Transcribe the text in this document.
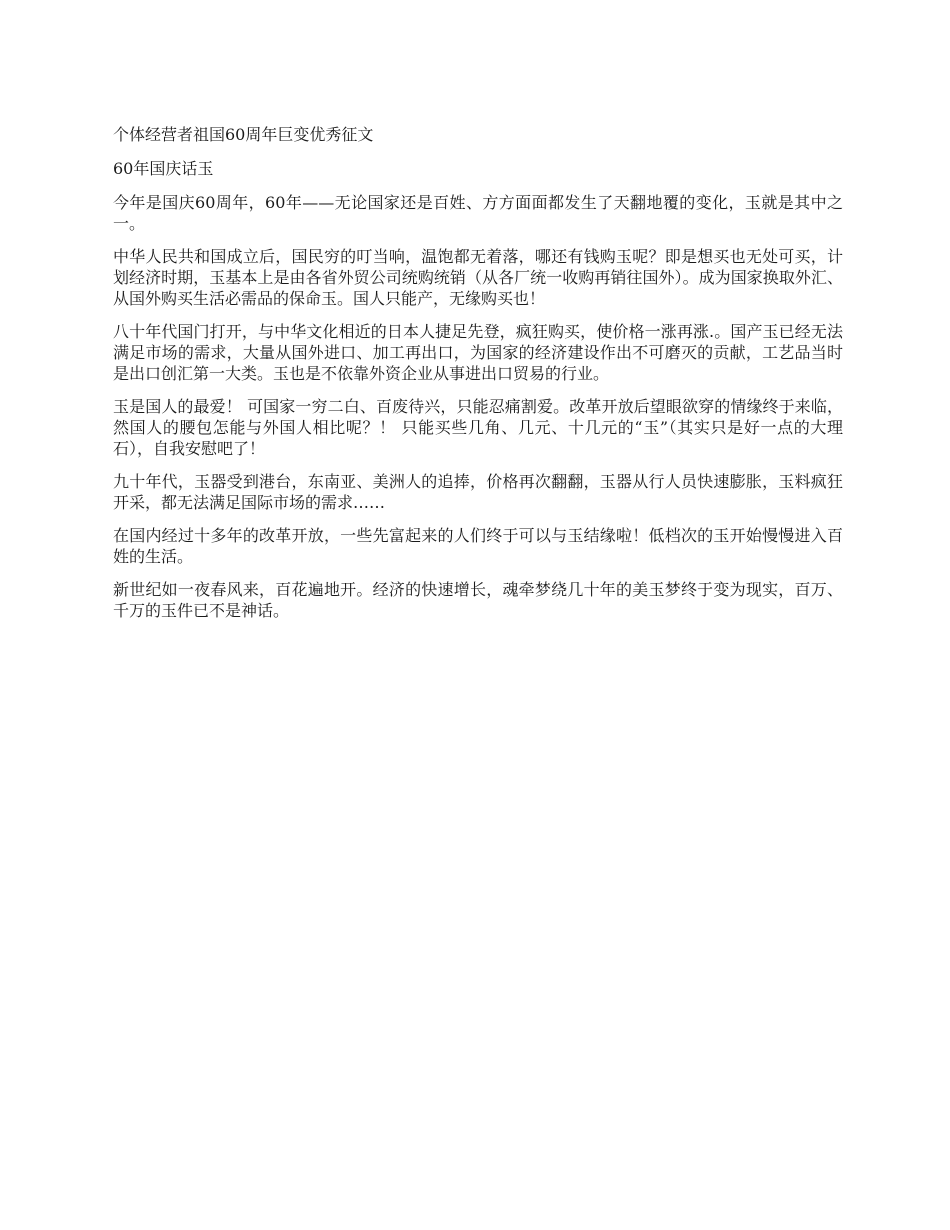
个体经营者祖国60周年巨变优秀征文

60年国庆话玉

今年是国庆60周年，60年——无论国家还是百姓、方方面面都发生了天翻地覆的变化，玉就是其中之一。

中华人民共和国成立后，国民穷的叮当响，温饱都无着落，哪还有钱购玉呢？即是想买也无处可买，计划经济时期，玉基本上是由各省外贸公司统购统销（从各厂统一收购再销往国外）。成为国家换取外汇、从国外购买生活必需品的保命玉。国人只能产，无缘购买也！

八十年代国门打开，与中华文化相近的日本人捷足先登，疯狂购买，使价格一涨再涨.。国产玉已经无法满足市场的需求，大量从国外进口、加工再出口，为国家的经济建设作出不可磨灭的贡献，工艺品当时是出口创汇第一大类。玉也是不依靠外资企业从事进出口贸易的行业。

玉是国人的最爱！ 可国家一穷二白、百废待兴，只能忍痛割爱。改革开放后望眼欲穿的情缘终于来临，然国人的腰包怎能与外国人相比呢？！ 只能买些几角、几元、十几元的“玉”（其实只是好一点的大理石），自我安慰吧了！

九十年代，玉器受到港台，东南亚、美洲人的追捧，价格再次翻翻，玉器从行人员快速膨胀，玉料疯狂开采，都无法满足国际市场的需求……

在国内经过十多年的改革开放，一些先富起来的人们终于可以与玉结缘啦！低档次的玉开始慢慢进入百姓的生活。

新世纪如一夜春风来，百花遍地开。经济的快速增长，魂牵梦绕几十年的美玉梦终于变为现实，百万、千万的玉件已不是神话。
